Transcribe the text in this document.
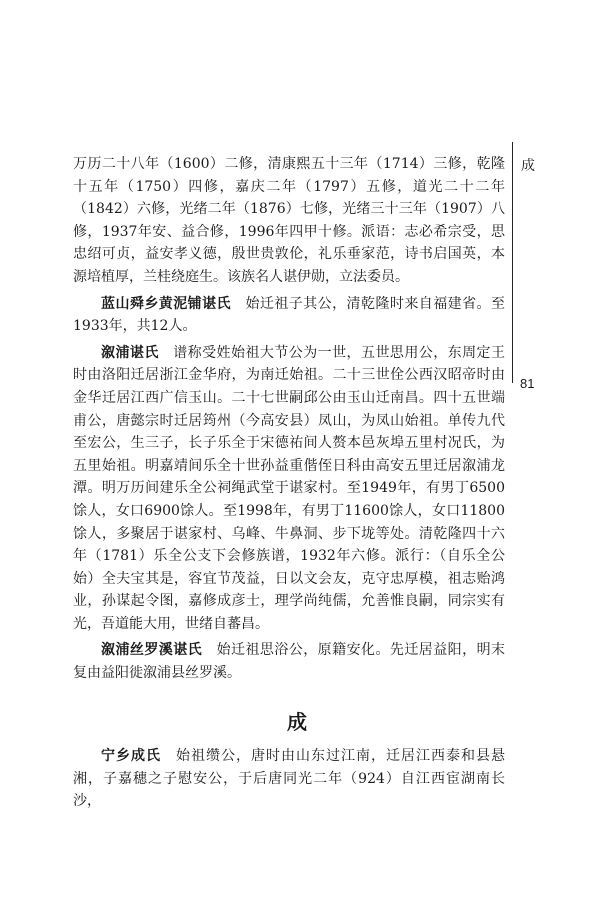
成
81

万历二十八年（1600）二修，清康熙五十三年（1714）三修，乾隆十五年（1750）四修，嘉庆二年（1797）五修，道光二十二年（1842）六修，光绪二年（1876）七修，光绪三十三年（1907）八修，1937年安、益合修，1996年四甲十修。派语：志必希宗受，思忠绍可贞，益安孝义德，殷世贵敦伦，礼乐垂家范，诗书启国英，本源培植厚，兰桂绕庭生。该族名人谌伊勋，立法委员。

蓝山舜乡黄泥铺谌氏　始迁祖子其公，清乾隆时来自福建省。至1933年，共12人。

溆浦谌氏　谱称受姓始祖大节公为一世，五世思用公，东周定王时由洛阳迁居浙江金华府，为南迁始祖。二十三世佺公西汉昭帝时由金华迁居江西广信玉山。二十七世嗣邱公由玉山迁南昌。四十五世端甫公，唐懿宗时迁居筠州（今高安县）凤山，为凤山始祖。单传九代至宏公，生三子，长子乐全于宋德祐间人赘本邑灰埠五里村况氏，为五里始祖。明嘉靖间乐全十世孙益重偕侄日科由高安五里迁居溆浦龙潭。明万历间建乐全公祠绳武堂于谌家村。至1949年，有男丁6500馀人，女口6900馀人。至1998年，有男丁11600馀人，女口11800馀人，多聚居于谌家村、乌峰、牛鼻洞、步下垅等处。清乾隆四十六年（1781）乐全公支下会修族谱，1932年六修。派行：（自乐全公始）全夫宝其是，容宜节茂益，日以文会友，克守忠厚模，祖志贻鸿业，孙谋起令图，嘉修成彦士，理学尚纯儒，允善惟良嗣，同宗实有光，吾道能大用，世绪自蕃昌。

溆浦丝罗溪谌氏　始迁祖思浴公，原籍安化。先迁居益阳，明末复由益阳徙溆浦县丝罗溪。

成

宁乡成氏　始祖缵公，唐时由山东过江南，迁居江西泰和县悬湘，子嘉穗之子慰安公，于后唐同光二年（924）自江西宦湖南长沙，
